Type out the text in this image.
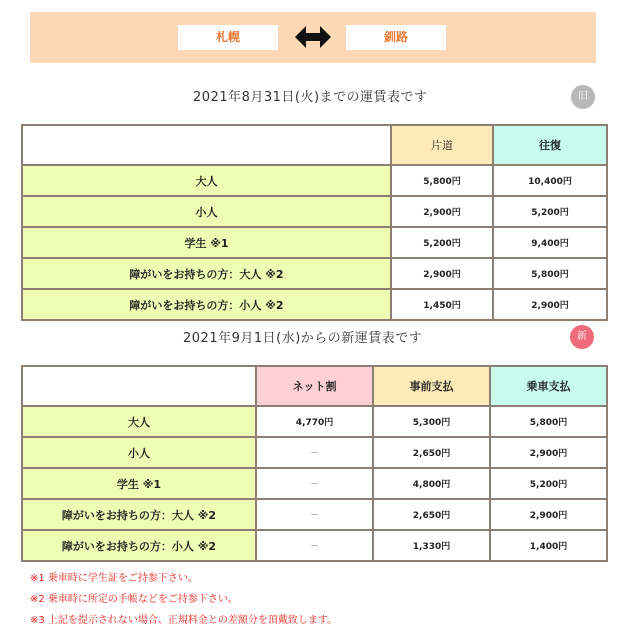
札幌	釧路
2021年8月31日(火)までの運賃表です	旧
	片道	往復
大人	5,800円	10,400円
小人	2,900円	5,200円
学生 ※1	5,200円	9,400円
障がいをお持ちの方：大人 ※2	2,900円	5,800円
障がいをお持ちの方：小人 ※2	1,450円	2,900円
2021年9月1日(水)からの新運賃表です	新
	ネット割	事前支払	乗車支払
大人	4,770円	5,300円	5,800円
小人	－	2,650円	2,900円
学生 ※1	－	4,800円	5,200円
障がいをお持ちの方：大人 ※2	－	2,650円	2,900円
障がいをお持ちの方：小人 ※2	－	1,330円	1,400円
※1 乗車時に学生証をご持参下さい。
※2 乗車時に所定の手帳などをご持参下さい。
※3 上記を提示されない場合、正規料金との差額分を頂戴致します。
